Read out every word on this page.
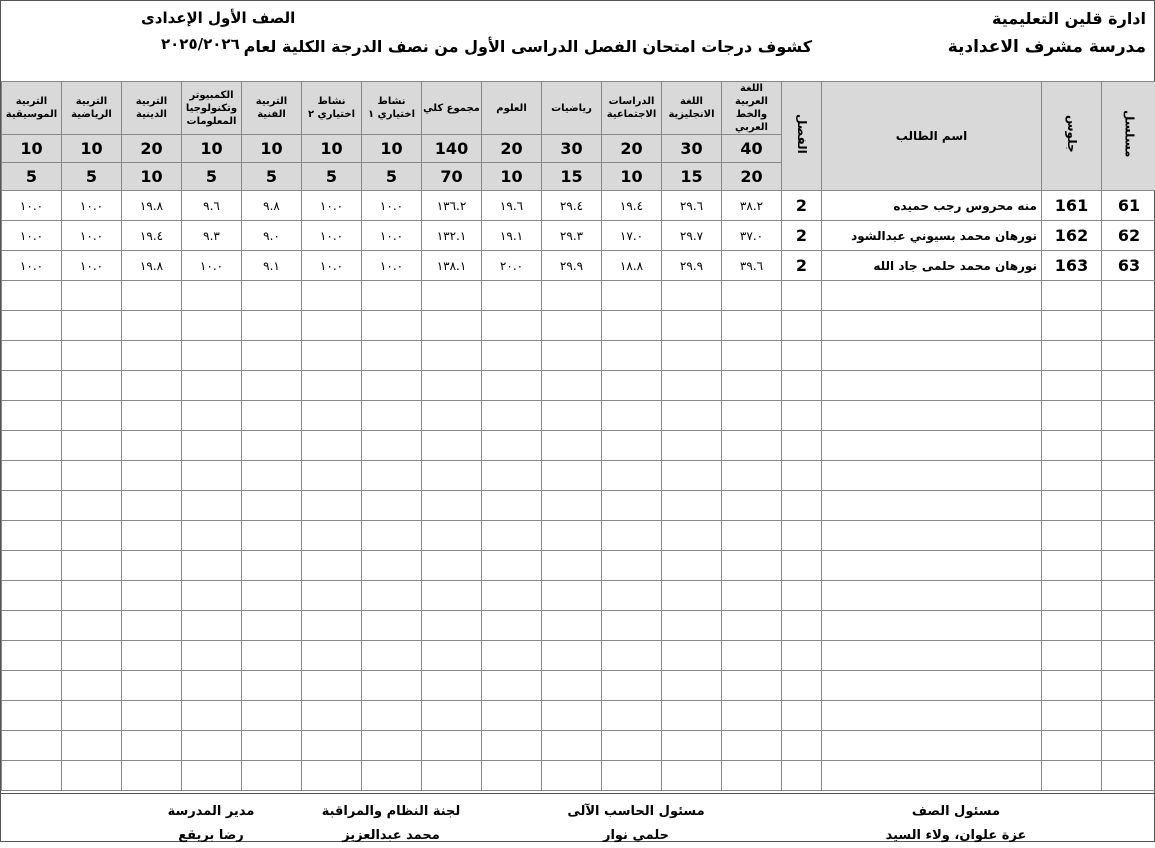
ادارة قلين التعليمية
مدرسة مشرف الاعدادية
كشوف درجات امتحان الفصل الدراسى الأول من نصف الدرجة الكلية لعام
الصف الأول الإعدادى
٢٠٢٥/٢٠٢٦
التربية الموسيقية	التربية الرياضية	التربية الدينية	الكمبيوتر وتكنولوجيا المعلومات	التربية الفنية	نشاط اختياري ٢	نشاط اختياري ١	مجموع كلي	العلوم	رياضيات	الدراسات الاجتماعية	اللغة الانجليزية	اللغة العربية والخط العربي	الفصل	اسم الطالب	جلوس	مسلسل
10	10	20	10	10	10	10	140	20	30	20	30	40				
5	5	10	5	5	5	5	70	10	15	10	15	20				
١٠.٠	١٠.٠	١٩.٨	٩.٦	٩.٨	١٠.٠	١٠.٠	١٣٦.٢	١٩.٦	٢٩.٤	١٩.٤	٢٩.٦	٣٨.٢	2	منه محروس رجب حميده	161	61
١٠.٠	١٠.٠	١٩.٤	٩.٣	٩.٠	١٠.٠	١٠.٠	١٣٢.١	١٩.١	٢٩.٣	١٧.٠	٢٩.٧	٣٧.٠	2	نورهان محمد بسيوني عبدالشود	162	62
١٠.٠	١٠.٠	١٩.٨	١٠.٠	٩.١	١٠.٠	١٠.٠	١٣٨.١	٢٠.٠	٢٩.٩	١٨.٨	٢٩.٩	٣٩.٦	2	نورهان محمد حلمى جاد الله	163	63

مسئول الصف
عزة علوان، ولاء السيد
مسئول الحاسب الآلى
حلمي نوار
لجنة النظام والمراقبة
محمد عبدالعزيز
مدير المدرسة
رضا بريقع
